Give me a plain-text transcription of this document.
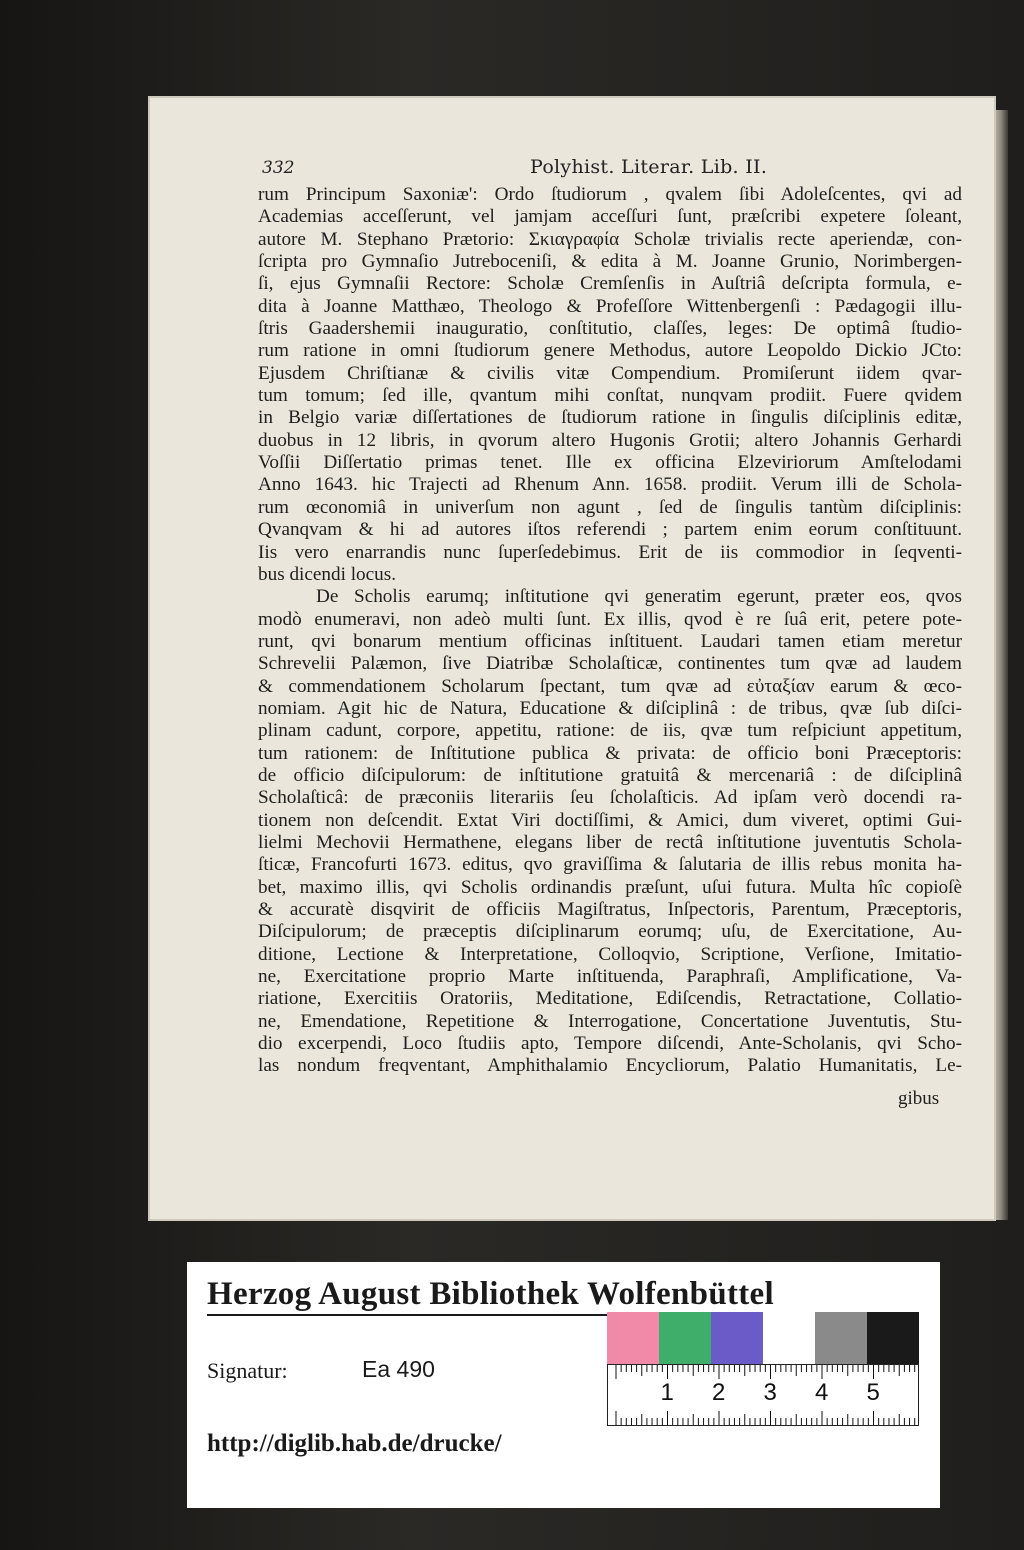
332	Polyhist. Literar. Lib. II.
rum Principum Saxoniæ': Ordo ſtudiorum , qvalem ſibi Adoleſcentes, qvi ad
Academias acceſſerunt, vel jamjam acceſſuri ſunt, præſcribi expetere ſoleant,
autore M. Stephano Prætorio: Σκιαγραφία Scholæ trivialis recte aperiendæ, con-
ſcripta pro Gymnaſio Jutreboceniſi, & edita à M. Joanne Grunio, Norimbergen-
ſi, ejus Gymnaſii Rectore: Scholæ Cremſenſis in Auſtriâ deſcripta formula, e-
dita à Joanne Matthæo, Theologo & Profeſſore Wittenbergenſi : Pædagogii illu-
ſtris Gaadershemii inauguratio, conſtitutio, claſſes, leges: De optimâ ſtudio-
rum ratione in omni ſtudiorum genere Methodus, autore Leopoldo Dickio JCto:
Ejusdem Chriſtianæ & civilis vitæ Compendium. Promiſerunt iidem qvar-
tum tomum; ſed ille, qvantum mihi conſtat, nunqvam prodiit. Fuere qvidem
in Belgio variæ diſſertationes de ſtudiorum ratione in ſingulis diſciplinis editæ,
duobus in 12 libris, in qvorum altero Hugonis Grotii; altero Johannis Gerhardi
Voſſii Diſſertatio primas tenet. Ille ex officina Elzeviriorum Amſtelodami
Anno 1643. hic Trajecti ad Rhenum Ann. 1658. prodiit. Verum illi de Schola-
rum œconomiâ in univerſum non agunt , ſed de ſingulis tantùm diſciplinis:
Qvanqvam & hi ad autores iſtos referendi ; partem enim eorum conſtituunt.
Iis vero enarrandis nunc ſuperſedebimus. Erit de iis commodior in ſeqventi-
bus dicendi locus.
De Scholis earumq; inſtitutione qvi generatim egerunt, præter eos, qvos
modò enumeravi, non adeò multi ſunt. Ex illis, qvod è re ſuâ erit, petere pote-
runt, qvi bonarum mentium officinas inſtituent. Laudari tamen etiam meretur
Schrevelii Palæmon, ſive Diatribæ Scholaſticæ, continentes tum qvæ ad laudem
& commendationem Scholarum ſpectant, tum qvæ ad εὐταξίαν earum & œco-
nomiam. Agit hic de Natura, Educatione & diſciplinâ : de tribus, qvæ ſub diſci-
plinam cadunt, corpore, appetitu, ratione: de iis, qvæ tum reſpiciunt appetitum,
tum rationem: de Inſtitutione publica & privata: de officio boni Præceptoris:
de officio diſcipulorum: de inſtitutione gratuitâ & mercenariâ : de diſciplinâ
Scholaſticâ: de præconiis literariis ſeu ſcholaſticis. Ad ipſam verò docendi ra-
tionem non deſcendit. Extat Viri doctiſſimi, & Amici, dum viveret, optimi Gui-
lielmi Mechovii Hermathene, elegans liber de rectâ inſtitutione juventutis Schola-
ſticæ, Francofurti 1673. editus, qvo graviſſima & ſalutaria de illis rebus monita ha-
bet, maximo illis, qvi Scholis ordinandis præſunt, uſui futura. Multa hîc copioſè
& accuratè disqvirit de officiis Magiſtratus, Inſpectoris, Parentum, Præceptoris,
Diſcipulorum; de præceptis diſciplinarum eorumq; uſu, de Exercitatione, Au-
ditione, Lectione & Interpretatione, Colloqvio, Scriptione, Verſione, Imitatio-
ne, Exercitatione proprio Marte inſtituenda, Paraphraſi, Amplificatione, Va-
riatione, Exercitiis Oratoriis, Meditatione, Ediſcendis, Retractatione, Collatio-
ne, Emendatione, Repetitione & Interrogatione, Concertatione Juventutis, Stu-
dio excerpendi, Loco ſtudiis apto, Tempore diſcendi, Ante-Scholanis, qvi Scho-
las nondum freqventant, Amphithalamio Encycliorum, Palatio Humanitatis, Le-
gibus
Herzog August Bibliothek Wolfenbüttel
1 2 3 4 5
Signatur:	Ea 490
http://diglib.hab.de/drucke/
